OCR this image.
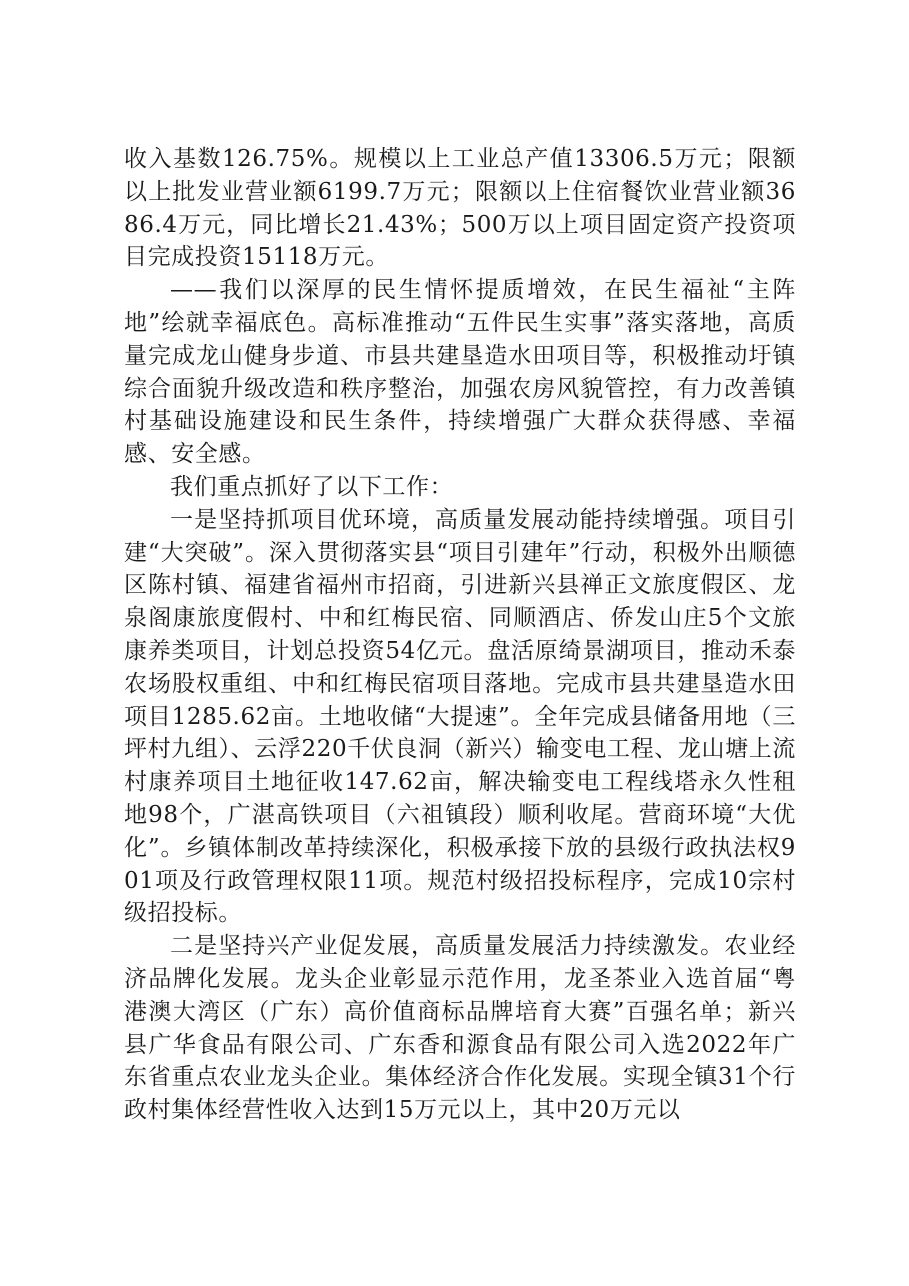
收入基数126.75%。规模以上工业总产值13306.5万元；限额以上批发业营业额6199.7万元；限额以上住宿餐饮业营业额3686.4万元，同比增长21.43%；500万以上项目固定资产投资项目完成投资15118万元。

——我们以深厚的民生情怀提质增效，在民生福祉“主阵地”绘就幸福底色。高标准推动“五件民生实事”落实落地，高质量完成龙山健身步道、市县共建垦造水田项目等，积极推动圩镇综合面貌升级改造和秩序整治，加强农房风貌管控，有力改善镇村基础设施建设和民生条件，持续增强广大群众获得感、幸福感、安全感。

我们重点抓好了以下工作：

一是坚持抓项目优环境，高质量发展动能持续增强。项目引建“大突破”。深入贯彻落实县“项目引建年”行动，积极外出顺德区陈村镇、福建省福州市招商，引进新兴县禅正文旅度假区、龙泉阁康旅度假村、中和红梅民宿、同顺酒店、侨发山庄5个文旅康养类项目，计划总投资54亿元。盘活原绮景湖项目，推动禾泰农场股权重组、中和红梅民宿项目落地。完成市县共建垦造水田项目1285.62亩。土地收储“大提速”。全年完成县储备用地（三坪村九组）、云浮220千伏良洞（新兴）输变电工程、龙山塘上流村康养项目土地征收147.62亩，解决输变电工程线塔永久性租地98个，广湛高铁项目（六祖镇段）顺利收尾。营商环境“大优化”。乡镇体制改革持续深化，积极承接下放的县级行政执法权901项及行政管理权限11项。规范村级招投标程序，完成10宗村级招投标。

二是坚持兴产业促发展，高质量发展活力持续激发。农业经济品牌化发展。龙头企业彰显示范作用，龙圣茶业入选首届“粤港澳大湾区（广东）高价值商标品牌培育大赛”百强名单；新兴县广华食品有限公司、广东香和源食品有限公司入选2022年广东省重点农业龙头企业。集体经济合作化发展。实现全镇31个行政村集体经营性收入达到15万元以上，其中20万元以
